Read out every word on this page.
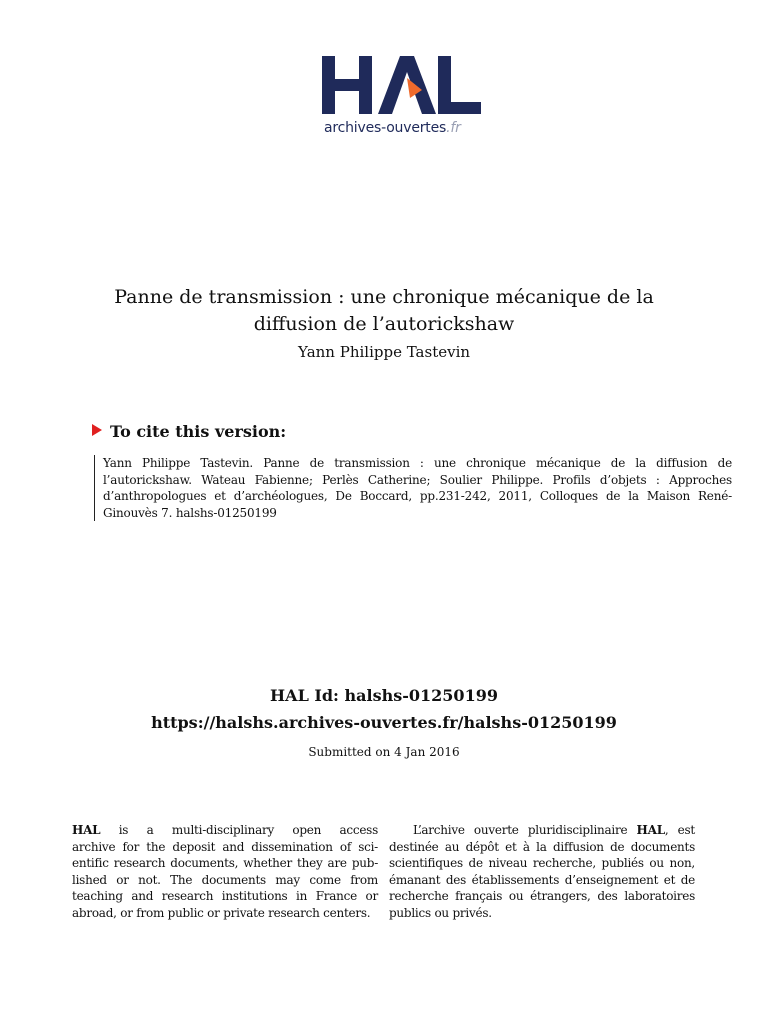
archives-ouvertes.fr
Panne de transmission : une chronique mécanique de la
diffusion de l’autorickshaw
Yann Philippe Tastevin
To cite this version:
Yann Philippe Tastevin. Panne de transmission : une chronique mécanique de la diffusion de
l’autorickshaw. Wateau Fabienne; Perlès Catherine; Soulier Philippe. Profils d’objets : Approches
d’anthropologues et d’archéologues, De Boccard, pp.231-242, 2011, Colloques de la Maison René-
Ginouvès 7. halshs-01250199
HAL Id: halshs-01250199
https://halshs.archives-ouvertes.fr/halshs-01250199
Submitted on 4 Jan 2016
HAL is a multi-disciplinary open access
archive for the deposit and dissemination of sci-
entific research documents, whether they are pub-
lished or not. The documents may come from
teaching and research institutions in France or
abroad, or from public or private research centers.
L’archive ouverte pluridisciplinaire HAL, est
destinée au dépôt et à la diffusion de documents
scientifiques de niveau recherche, publiés ou non,
émanant des établissements d’enseignement et de
recherche français ou étrangers, des laboratoires
publics ou privés.
